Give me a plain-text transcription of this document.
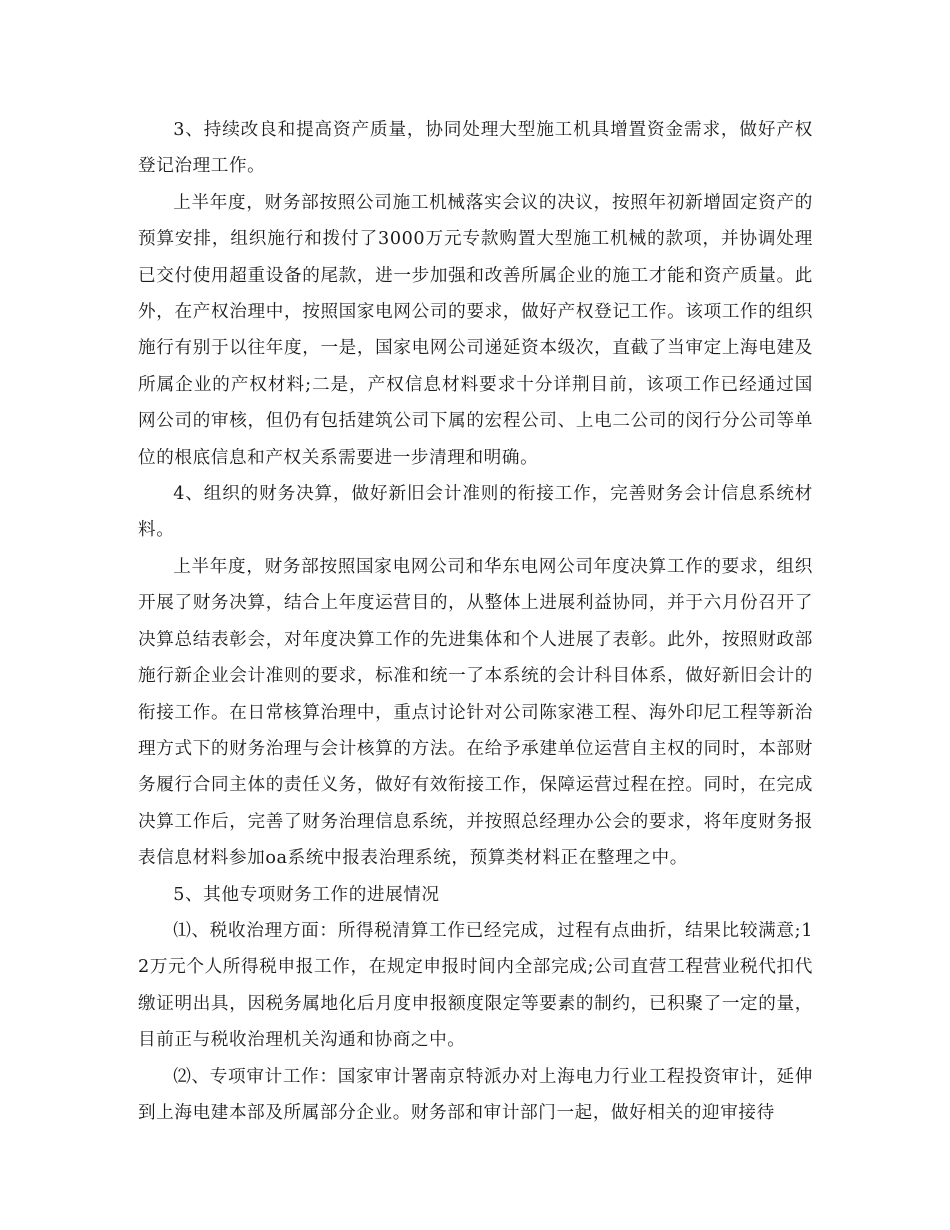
3、持续改良和提高资产质量，协同处理大型施工机具增置资金需求，做好产权登记治理工作。

上半年度，财务部按照公司施工机械落实会议的决议，按照年初新增固定资产的预算安排，组织施行和拨付了3000万元专款购置大型施工机械的款项，并协调处理已交付使用超重设备的尾款，进一步加强和改善所属企业的施工才能和资产质量。此外，在产权治理中，按照国家电网公司的要求，做好产权登记工作。该项工作的组织施行有别于以往年度，一是，国家电网公司递延资本级次，直截了当审定上海电建及所属企业的产权材料;二是，产权信息材料要求十分详荆目前，该项工作已经通过国网公司的审核，但仍有包括建筑公司下属的宏程公司、上电二公司的闵行分公司等单位的根底信息和产权关系需要进一步清理和明确。

4、组织的财务决算，做好新旧会计准则的衔接工作，完善财务会计信息系统材料。

上半年度，财务部按照国家电网公司和华东电网公司年度决算工作的要求，组织开展了财务决算，结合上年度运营目的，从整体上进展利益协同，并于六月份召开了决算总结表彰会，对年度决算工作的先进集体和个人进展了表彰。此外，按照财政部施行新企业会计准则的要求，标准和统一了本系统的会计科目体系，做好新旧会计的衔接工作。在日常核算治理中，重点讨论针对公司陈家港工程、海外印尼工程等新治理方式下的财务治理与会计核算的方法。在给予承建单位运营自主权的同时，本部财务履行合同主体的责任义务，做好有效衔接工作，保障运营过程在控。同时，在完成决算工作后，完善了财务治理信息系统，并按照总经理办公会的要求，将年度财务报表信息材料参加oa系统中报表治理系统，预算类材料正在整理之中。

5、其他专项财务工作的进展情况

⑴、税收治理方面：所得税清算工作已经完成，过程有点曲折，结果比较满意;12万元个人所得税申报工作，在规定申报时间内全部完成;公司直营工程营业税代扣代缴证明出具，因税务属地化后月度申报额度限定等要素的制约，已积聚了一定的量，目前正与税收治理机关沟通和协商之中。

⑵、专项审计工作：国家审计署南京特派办对上海电力行业工程投资审计，延伸到上海电建本部及所属部分企业。财务部和审计部门一起，做好相关的迎审接待
